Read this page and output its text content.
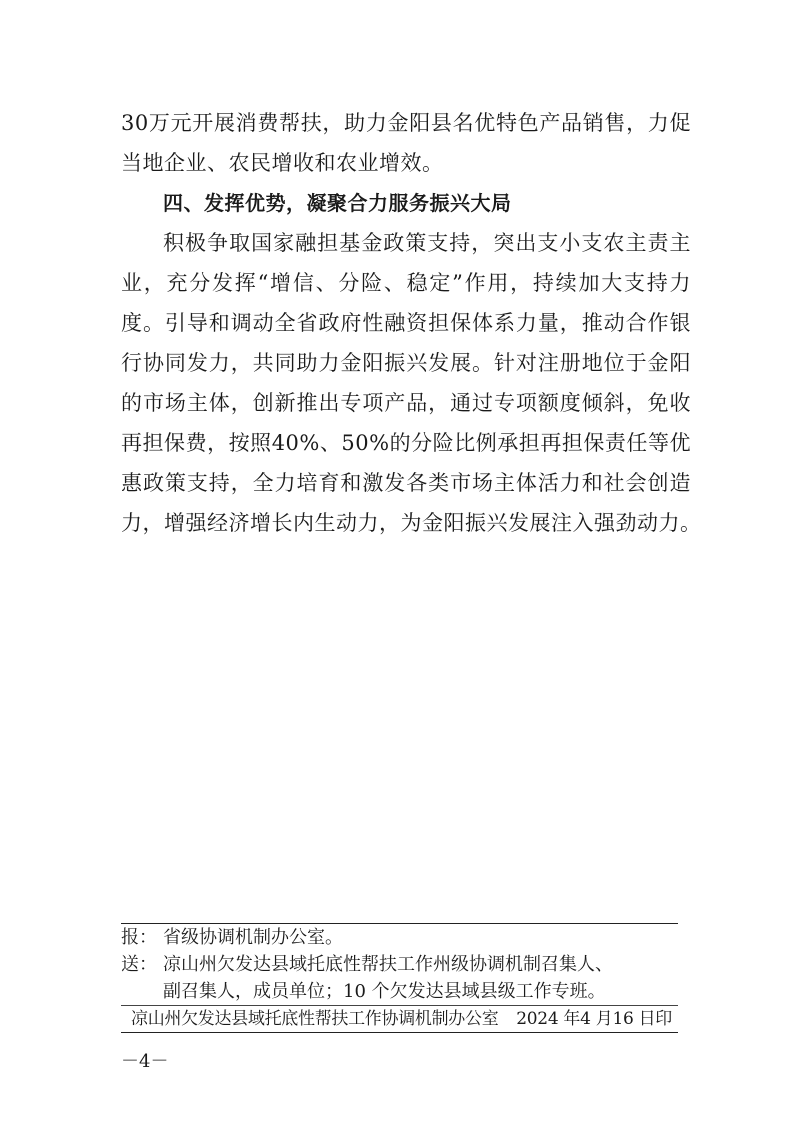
30万元开展消费帮扶，助力金阳县名优特色产品销售，力促
当地企业、农民增收和农业增效。
四、发挥优势，凝聚合力服务振兴大局
积极争取国家融担基金政策支持，突出支小支农主责主
业，充分发挥“增信、分险、稳定”作用，持续加大支持力
度。引导和调动全省政府性融资担保体系力量，推动合作银
行协同发力，共同助力金阳振兴发展。针对注册地位于金阳
的市场主体，创新推出专项产品，通过专项额度倾斜，免收
再担保费，按照40%、50%的分险比例承担再担保责任等优
惠政策支持，全力培育和激发各类市场主体活力和社会创造
力，增强经济增长内生动力，为金阳振兴发展注入强劲动力。
报： 省级协调机制办公室。
送： 凉山州欠发达县域托底性帮扶工作州级协调机制召集人、
副召集人，成员单位；10 个欠发达县域县级工作专班。
凉山州欠发达县域托底性帮扶工作协调机制办公室 2024 年4 月16 日印
－4－
